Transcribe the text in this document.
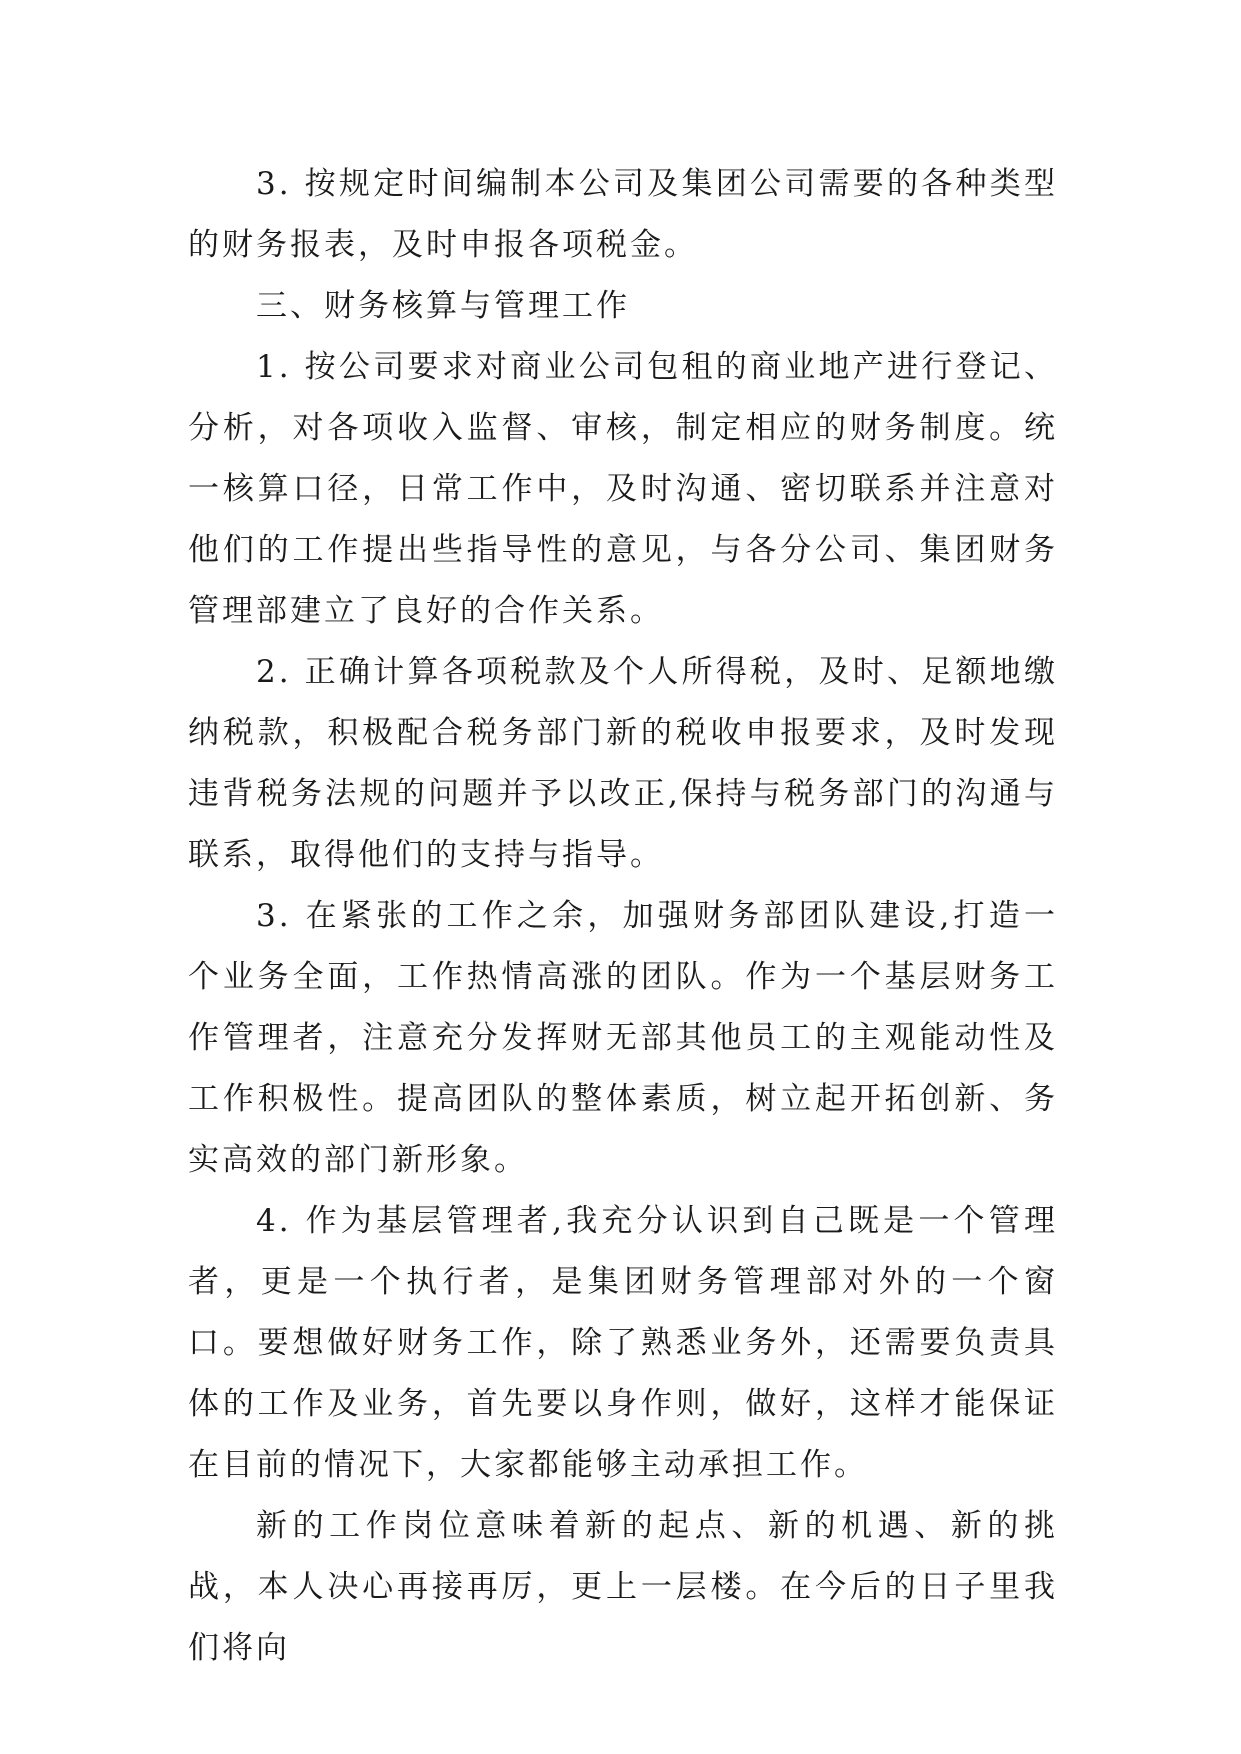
3. 按规定时间编制本公司及集团公司需要的各种类型的财务报表，及时申报各项税金。

三、财务核算与管理工作

1. 按公司要求对商业公司包租的商业地产进行登记、分析，对各项收入监督、审核，制定相应的财务制度。统一核算口径，日常工作中，及时沟通、密切联系并注意对他们的工作提出些指导性的意见，与各分公司、集团财务管理部建立了良好的合作关系。

2. 正确计算各项税款及个人所得税，及时、足额地缴纳税款，积极配合税务部门新的税收申报要求，及时发现违背税务法规的问题并予以改正,保持与税务部门的沟通与联系，取得他们的支持与指导。

3. 在紧张的工作之余，加强财务部团队建设,打造一个业务全面，工作热情高涨的团队。作为一个基层财务工作管理者，注意充分发挥财无部其他员工的主观能动性及工作积极性。提高团队的整体素质，树立起开拓创新、务实高效的部门新形象。

4. 作为基层管理者,我充分认识到自己既是一个管理者，更是一个执行者，是集团财务管理部对外的一个窗口。要想做好财务工作，除了熟悉业务外，还需要负责具体的工作及业务，首先要以身作则，做好，这样才能保证在目前的情况下，大家都能够主动承担工作。

新的工作岗位意味着新的起点、新的机遇、新的挑战，本人决心再接再厉，更上一层楼。在今后的日子里我们将向
